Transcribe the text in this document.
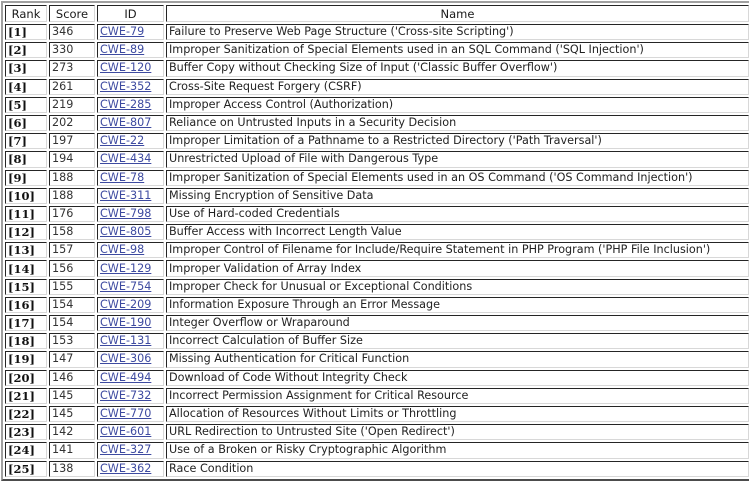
Rank	Score	ID	Name
[1]	346	CWE-79	Failure to Preserve Web Page Structure ('Cross-site Scripting')
[2]	330	CWE-89	Improper Sanitization of Special Elements used in an SQL Command ('SQL Injection')
[3]	273	CWE-120	Buffer Copy without Checking Size of Input ('Classic Buffer Overflow')
[4]	261	CWE-352	Cross-Site Request Forgery (CSRF)
[5]	219	CWE-285	Improper Access Control (Authorization)
[6]	202	CWE-807	Reliance on Untrusted Inputs in a Security Decision
[7]	197	CWE-22	Improper Limitation of a Pathname to a Restricted Directory ('Path Traversal')
[8]	194	CWE-434	Unrestricted Upload of File with Dangerous Type
[9]	188	CWE-78	Improper Sanitization of Special Elements used in an OS Command ('OS Command Injection')
[10]	188	CWE-311	Missing Encryption of Sensitive Data
[11]	176	CWE-798	Use of Hard-coded Credentials
[12]	158	CWE-805	Buffer Access with Incorrect Length Value
[13]	157	CWE-98	Improper Control of Filename for Include/Require Statement in PHP Program ('PHP File Inclusion')
[14]	156	CWE-129	Improper Validation of Array Index
[15]	155	CWE-754	Improper Check for Unusual or Exceptional Conditions
[16]	154	CWE-209	Information Exposure Through an Error Message
[17]	154	CWE-190	Integer Overflow or Wraparound
[18]	153	CWE-131	Incorrect Calculation of Buffer Size
[19]	147	CWE-306	Missing Authentication for Critical Function
[20]	146	CWE-494	Download of Code Without Integrity Check
[21]	145	CWE-732	Incorrect Permission Assignment for Critical Resource
[22]	145	CWE-770	Allocation of Resources Without Limits or Throttling
[23]	142	CWE-601	URL Redirection to Untrusted Site ('Open Redirect')
[24]	141	CWE-327	Use of a Broken or Risky Cryptographic Algorithm
[25]	138	CWE-362	Race Condition
